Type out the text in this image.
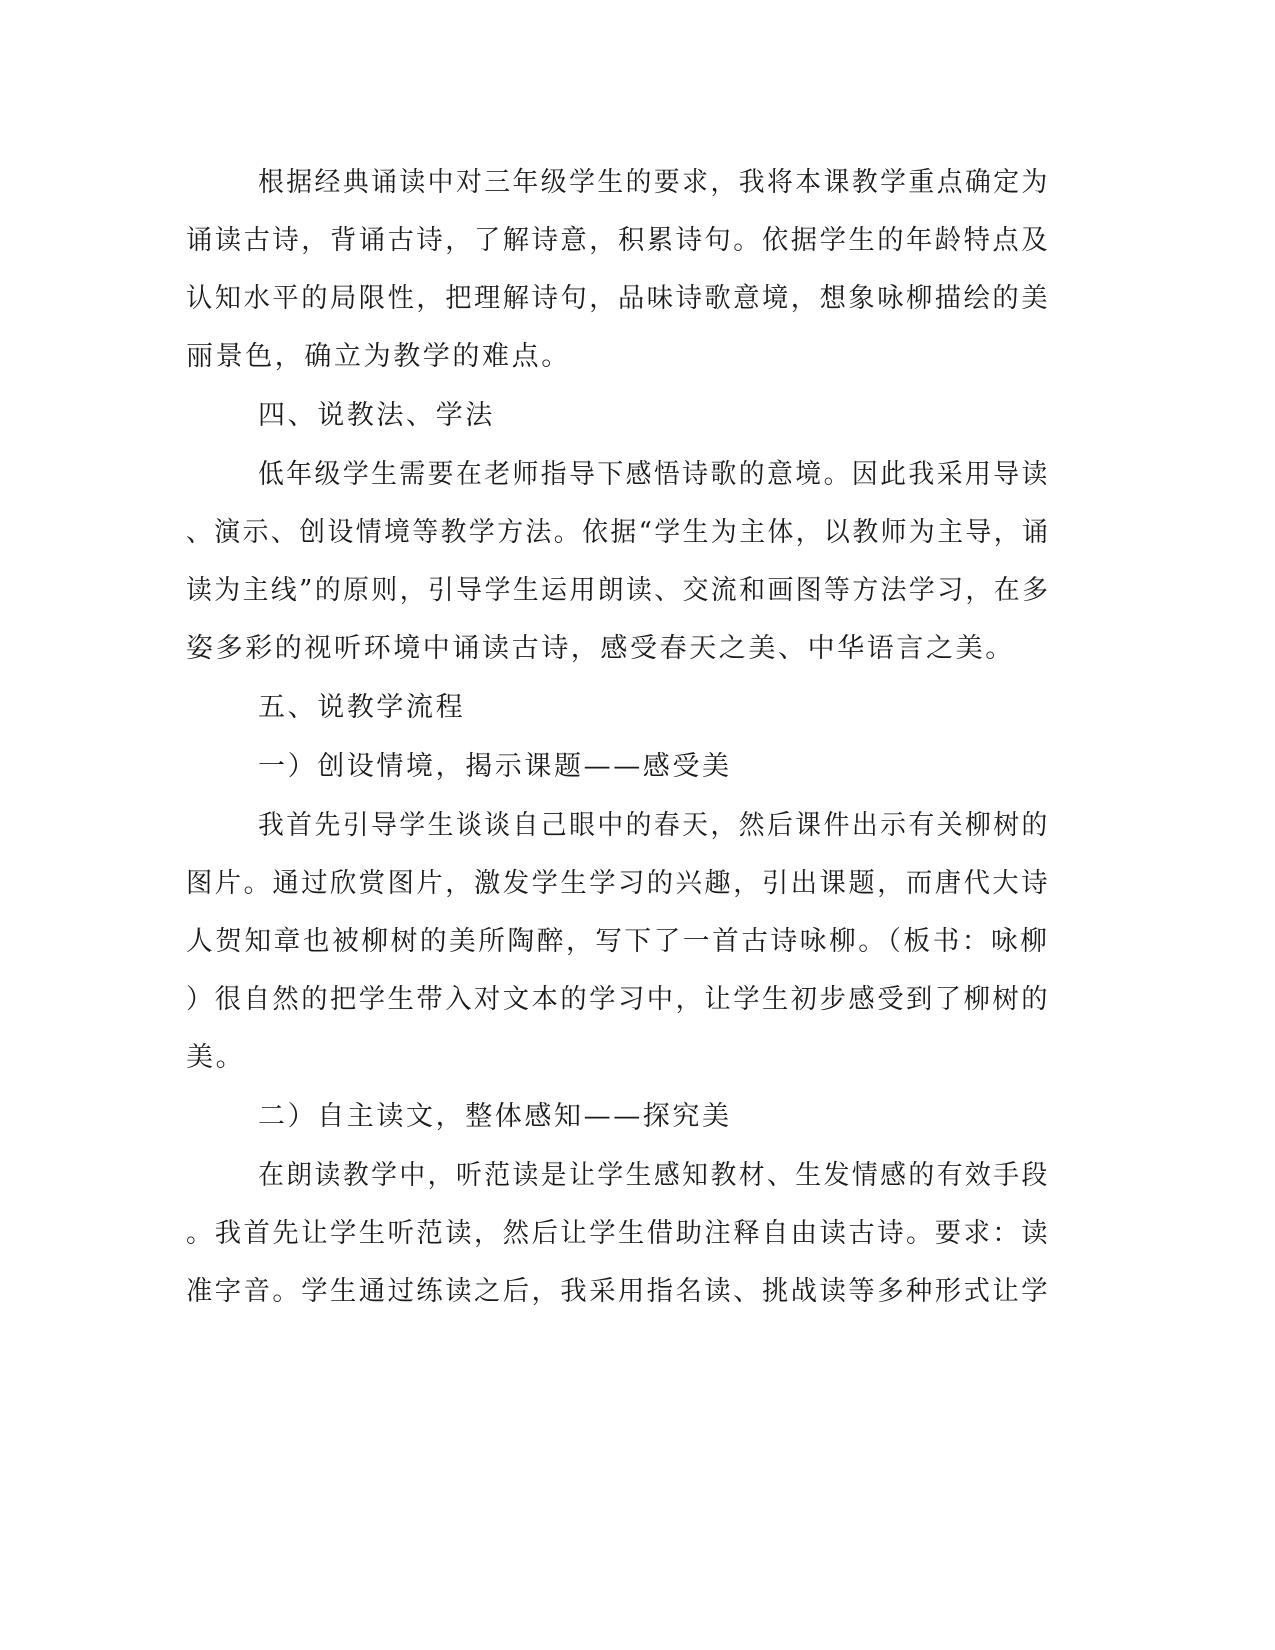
根据经典诵读中对三年级学生的要求，我将本课教学重点确定为
诵读古诗，背诵古诗，了解诗意，积累诗句。依据学生的年龄特点及
认知水平的局限性，把理解诗句，品味诗歌意境，想象咏柳描绘的美
丽景色，确立为教学的难点。
四、说教法、学法
低年级学生需要在老师指导下感悟诗歌的意境。因此我采用导读
、演示、创设情境等教学方法。依据“学生为主体，以教师为主导，诵
读为主线”的原则，引导学生运用朗读、交流和画图等方法学习，在多
姿多彩的视听环境中诵读古诗，感受春天之美、中华语言之美。
五、说教学流程
一）创设情境，揭示课题——感受美
我首先引导学生谈谈自己眼中的春天，然后课件出示有关柳树的
图片。通过欣赏图片，激发学生学习的兴趣，引出课题，而唐代大诗
人贺知章也被柳树的美所陶醉，写下了一首古诗咏柳。（板书：咏柳
）很自然的把学生带入对文本的学习中，让学生初步感受到了柳树的
美。
二）自主读文，整体感知——探究美
在朗读教学中，听范读是让学生感知教材、生发情感的有效手段
。我首先让学生听范读，然后让学生借助注释自由读古诗。要求：读
准字音。学生通过练读之后，我采用指名读、挑战读等多种形式让学
